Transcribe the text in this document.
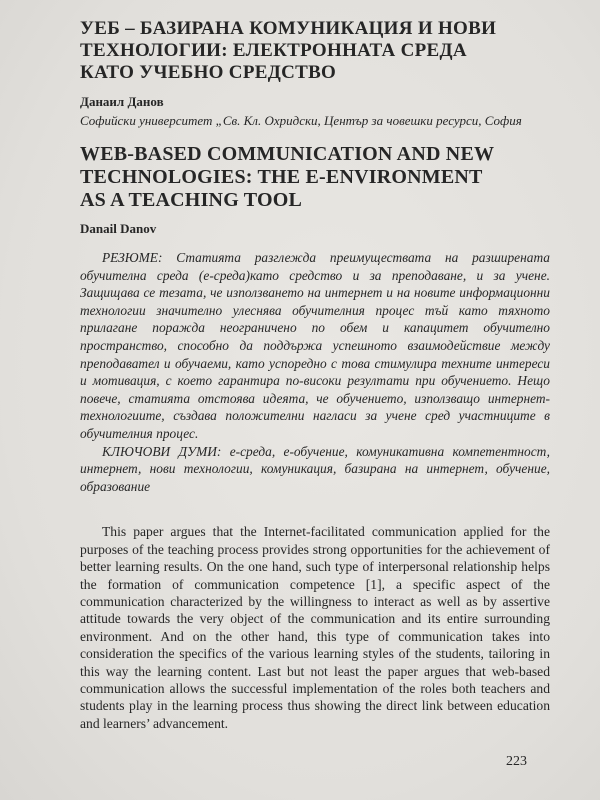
УЕБ – БАЗИРАНА КОМУНИКАЦИЯ И НОВИ
ТЕХНОЛОГИИ: ЕЛЕКТРОННАТА СРЕДА
КАТО УЧЕБНО СРЕДСТВО
Данаил Данов
Софийски университет „Св. Кл. Охридски, Център за човешки ресурси, София
WEB-BASED COMMUNICATION AND NEW
TECHNOLOGIES: THE E-ENVIRONMENT
AS A TEACHING TOOL
Danail Danov

РЕЗЮМЕ: Статията разглежда преимуществата на разширената обучителна среда (е-среда)като средство и за преподаване, и за учене. Защищава се тезата, че използването на интернет и на новите информационни технологии значително улеснява обучителния процес тъй като тяхното прилагане поражда неограничено по обем и капацитет обучително пространство, способно да поддържа успешното взаимодействие между преподавател и обучаеми, като успоредно с това стимулира техните интереси и мотивация, с което гарантира по-високи резултати при обучението. Нещо повече, статията отстоява идеята, че обучението, използващо интернет-технологиите, създава положителни нагласи за учене сред участниците в обучителния процес.

КЛЮЧОВИ ДУМИ: е-среда, е-обучение, комуникативна компетентност, интернет, нови технологии, комуникация, базирана на интернет, обучение, образование

This paper argues that the Internet-facilitated communication applied for the purposes of the teaching process provides strong opportunities for the achievement of better learning results. On the one hand, such type of interpersonal relationship helps the formation of communication competence [1], a specific aspect of the communication characterized by the willingness to interact as well as by assertive attitude towards the very object of the communication and its entire surrounding environment. And on the other hand, this type of communication takes into consideration the specifics of the various learning styles of the students, tailoring in this way the learning content. Last but not least the paper argues that web-based communication allows the successful implementation of the roles both teachers and students play in the learning process thus showing the direct link between education and learners’ advancement.

223
